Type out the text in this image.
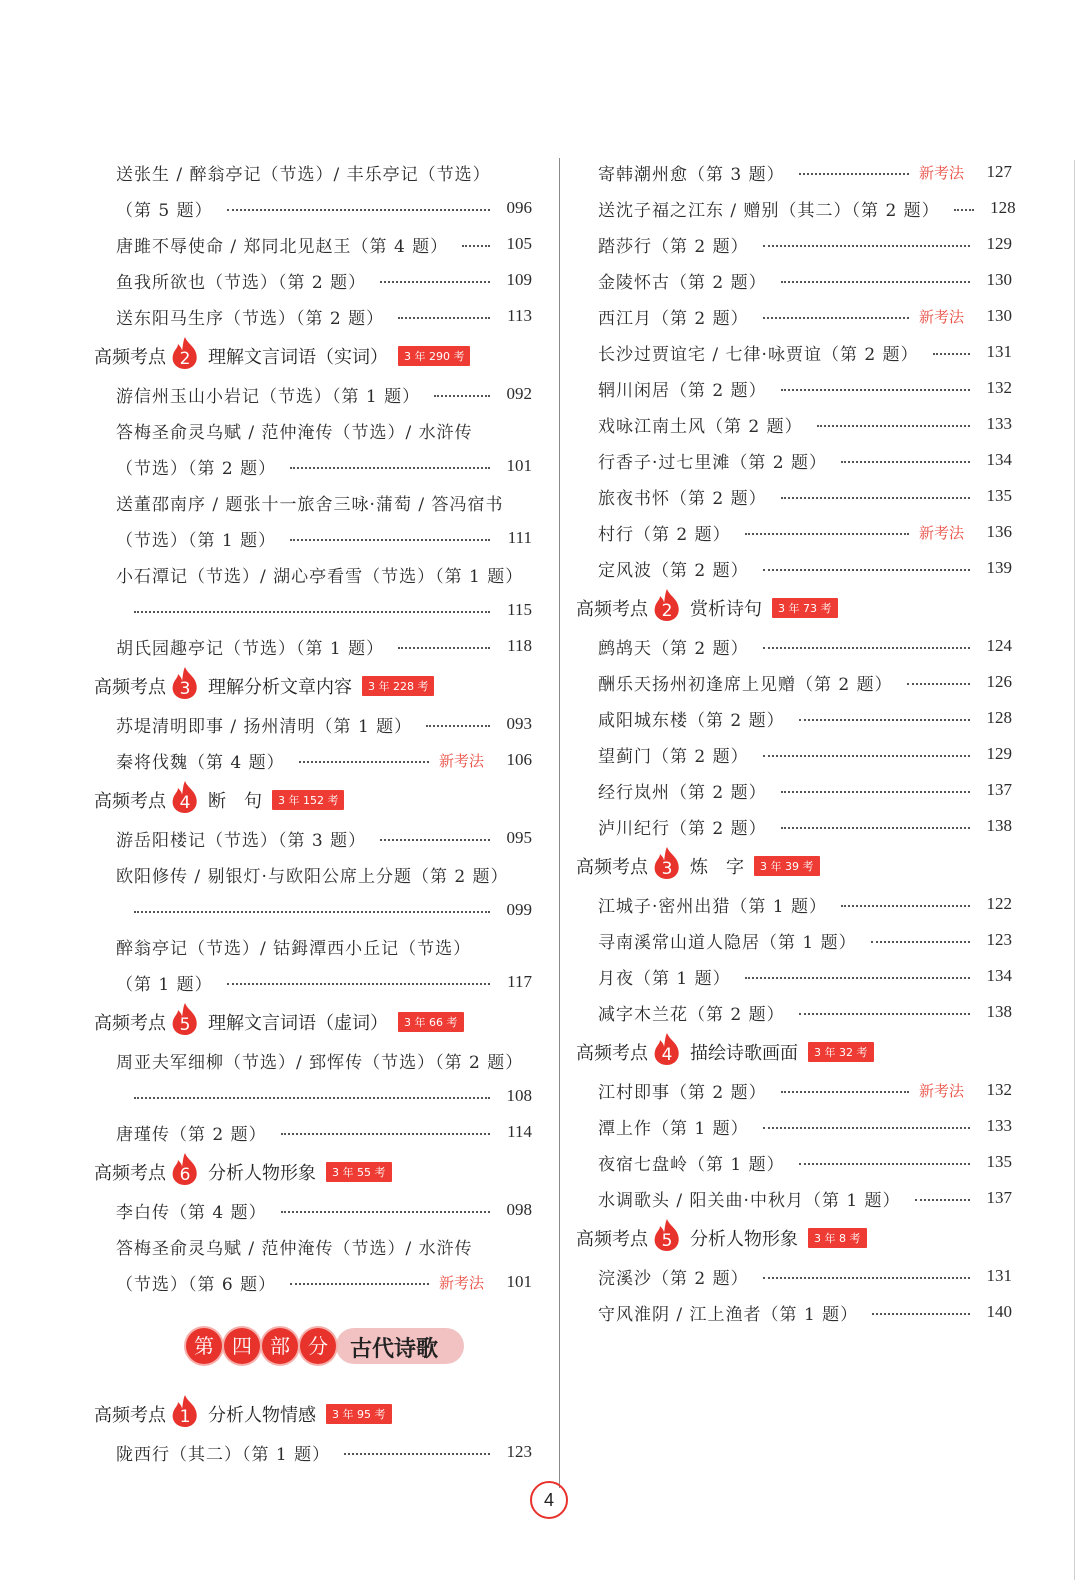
送张生 / 醉翁亭记（节选）/ 丰乐亭记（节选）
（第 5 题）	096
唐雎不辱使命 / 郑同北见赵王（第 4 题）	105
鱼我所欲也（节选）（第 2 题）	109
送东阳马生序（节选）（第 2 题）	113
高频考点 2 理解文言词语（实词）	3 年 290 考
游信州玉山小岩记（节选）（第 1 题）	092
答梅圣俞灵乌赋 / 范仲淹传（节选）/ 水浒传
（节选）（第 2 题）	101
送董邵南序 / 题张十一旅舍三咏·蒲萄 / 答冯宿书
（节选）（第 1 题）	111
小石潭记（节选）/ 湖心亭看雪（节选）（第 1 题）
115
胡氏园趣亭记（节选）（第 1 题）	118
高频考点 3 理解分析文章内容	3 年 228 考
苏堤清明即事 / 扬州清明（第 1 题）	093
秦将伐魏（第 4 题）	新考法	106
高频考点 4 断　句	3 年 152 考
游岳阳楼记（节选）（第 3 题）	095
欧阳修传 / 剔银灯·与欧阳公席上分题（第 2 题）
099
醉翁亭记（节选）/ 钴鉧潭西小丘记（节选）
（第 1 题）	117
高频考点 5 理解文言词语（虚词）	3 年 66 考
周亚夫军细柳（节选）/ 郅恽传（节选）（第 2 题）
108
唐瑾传（第 2 题）	114
高频考点 6 分析人物形象	3 年 55 考
李白传（第 4 题）	098
答梅圣俞灵乌赋 / 范仲淹传（节选）/ 水浒传
（节选）（第 6 题）	新考法	101
寄韩潮州愈（第 3 题）	新考法	127
送沈子福之江东 / 赠别（其二）（第 2 题）	128
踏莎行（第 2 题）	129
金陵怀古（第 2 题）	130
西江月（第 2 题）	新考法	130
长沙过贾谊宅 / 七律·咏贾谊（第 2 题）	131
辋川闲居（第 2 题）	132
戏咏江南土风（第 2 题）	133
行香子·过七里滩（第 2 题）	134
旅夜书怀（第 2 题）	135
村行（第 2 题）	新考法	136
定风波（第 2 题）	139
高频考点 2 赏析诗句	3 年 73 考
鹧鸪天（第 2 题）	124
酬乐天扬州初逢席上见赠（第 2 题）	126
咸阳城东楼（第 2 题）	128
望蓟门（第 2 题）	129
经行岚州（第 2 题）	137
泸川纪行（第 2 题）	138
高频考点 3 炼　字	3 年 39 考
江城子·密州出猎（第 1 题）	122
寻南溪常山道人隐居（第 1 题）	123
月夜（第 1 题）	134
减字木兰花（第 2 题）	138
高频考点 4 描绘诗歌画面	3 年 32 考
江村即事（第 2 题）	新考法	132
潭上作（第 1 题）	133
夜宿七盘岭（第 1 题）	135
水调歌头 / 阳关曲·中秋月（第 1 题）	137
高频考点 5 分析人物形象	3 年 8 考
浣溪沙（第 2 题）	131
守风淮阴 / 江上渔者（第 1 题）	140
第 四 部 分	古代诗歌
高频考点 1 分析人物情感	3 年 95 考
陇西行（其二）（第 1 题）	123
4
